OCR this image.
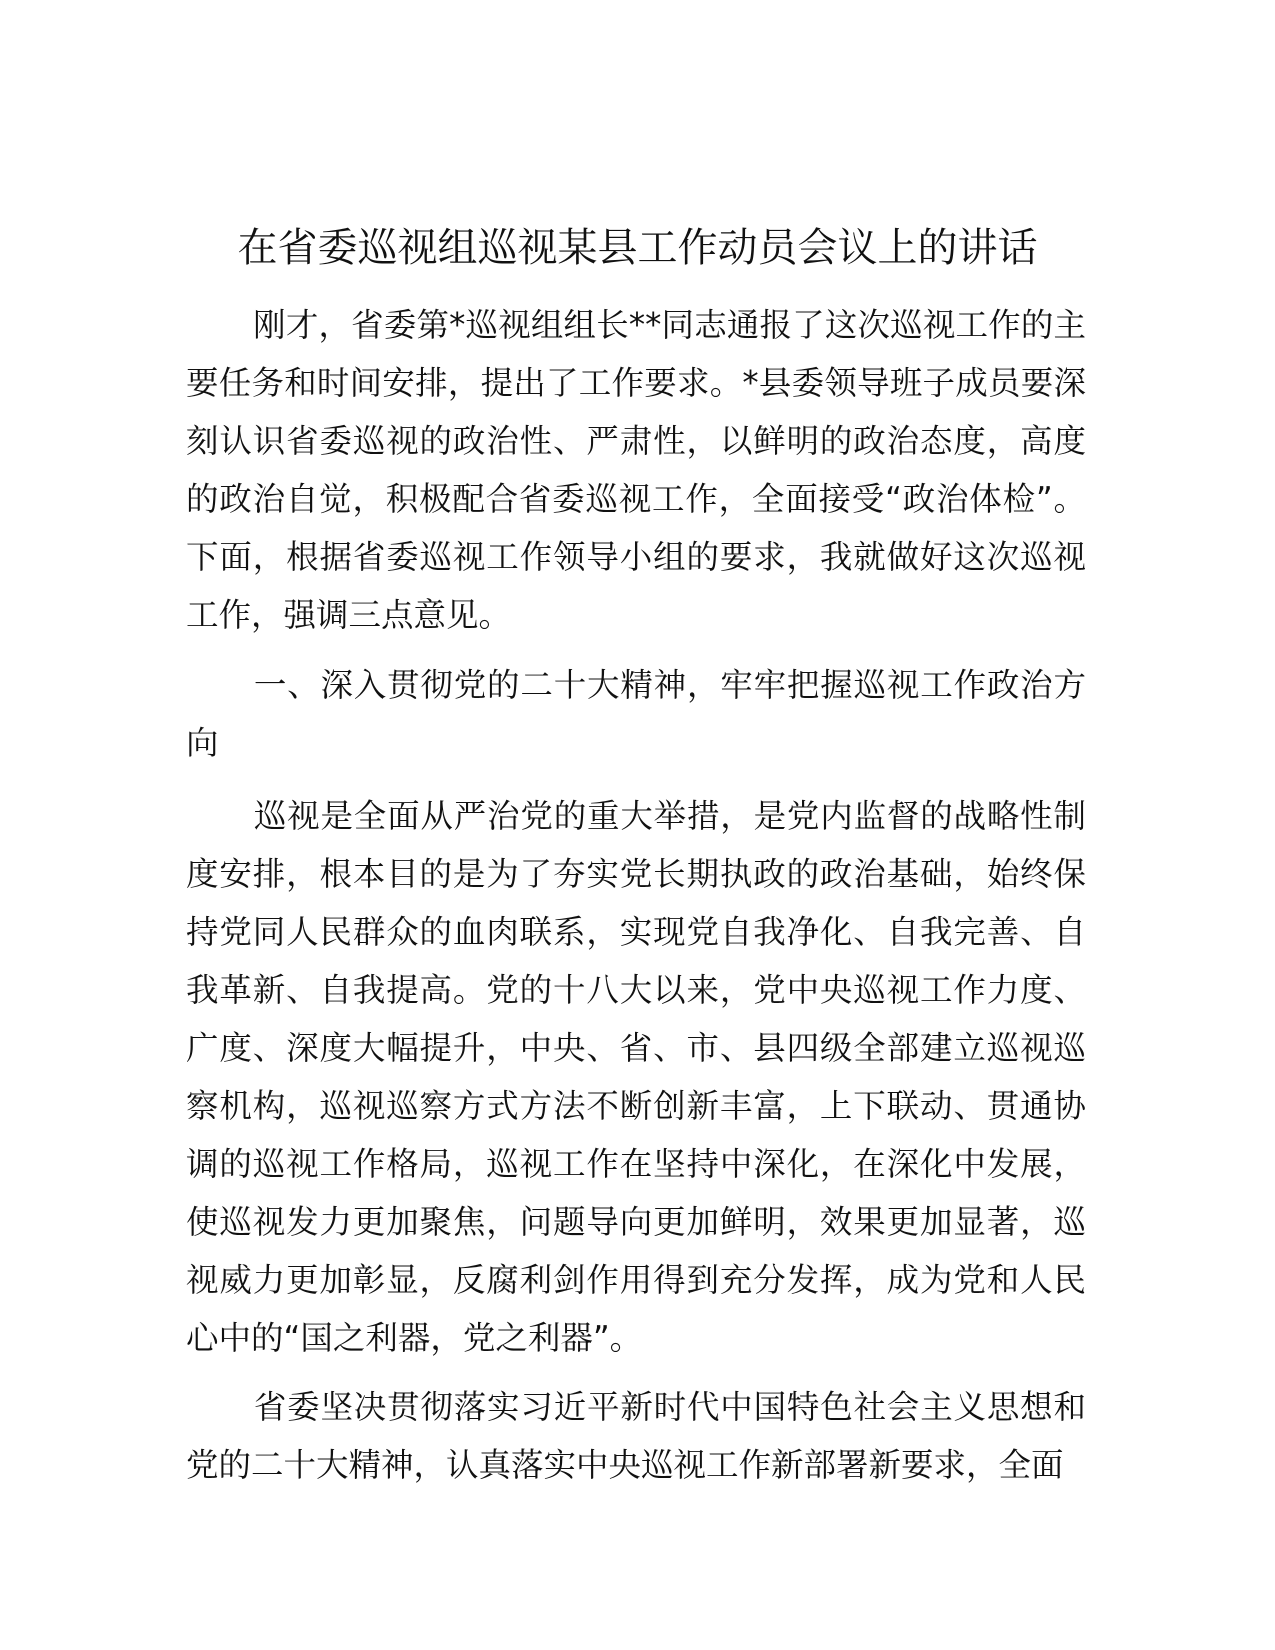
在省委巡视组巡视某县工作动员会议上的讲话

刚才，省委第*巡视组组长**同志通报了这次巡视工作的主要任务和时间安排，提出了工作要求。*县委领导班子成员要深刻认识省委巡视的政治性、严肃性，以鲜明的政治态度，高度的政治自觉，积极配合省委巡视工作，全面接受“政治体检”。下面，根据省委巡视工作领导小组的要求，我就做好这次巡视工作，强调三点意见。

一、深入贯彻党的二十大精神，牢牢把握巡视工作政治方向

巡视是全面从严治党的重大举措，是党内监督的战略性制度安排，根本目的是为了夯实党长期执政的政治基础，始终保持党同人民群众的血肉联系，实现党自我净化、自我完善、自我革新、自我提高。党的十八大以来，党中央巡视工作力度、广度、深度大幅提升，中央、省、市、县四级全部建立巡视巡察机构，巡视巡察方式方法不断创新丰富，上下联动、贯通协调的巡视工作格局，巡视工作在坚持中深化，在深化中发展，使巡视发力更加聚焦，问题导向更加鲜明，效果更加显著，巡视威力更加彰显，反腐利剑作用得到充分发挥，成为党和人民心中的“国之利器，党之利器”。

省委坚决贯彻落实习近平新时代中国特色社会主义思想和党的二十大精神，认真落实中央巡视工作新部署新要求，全面
